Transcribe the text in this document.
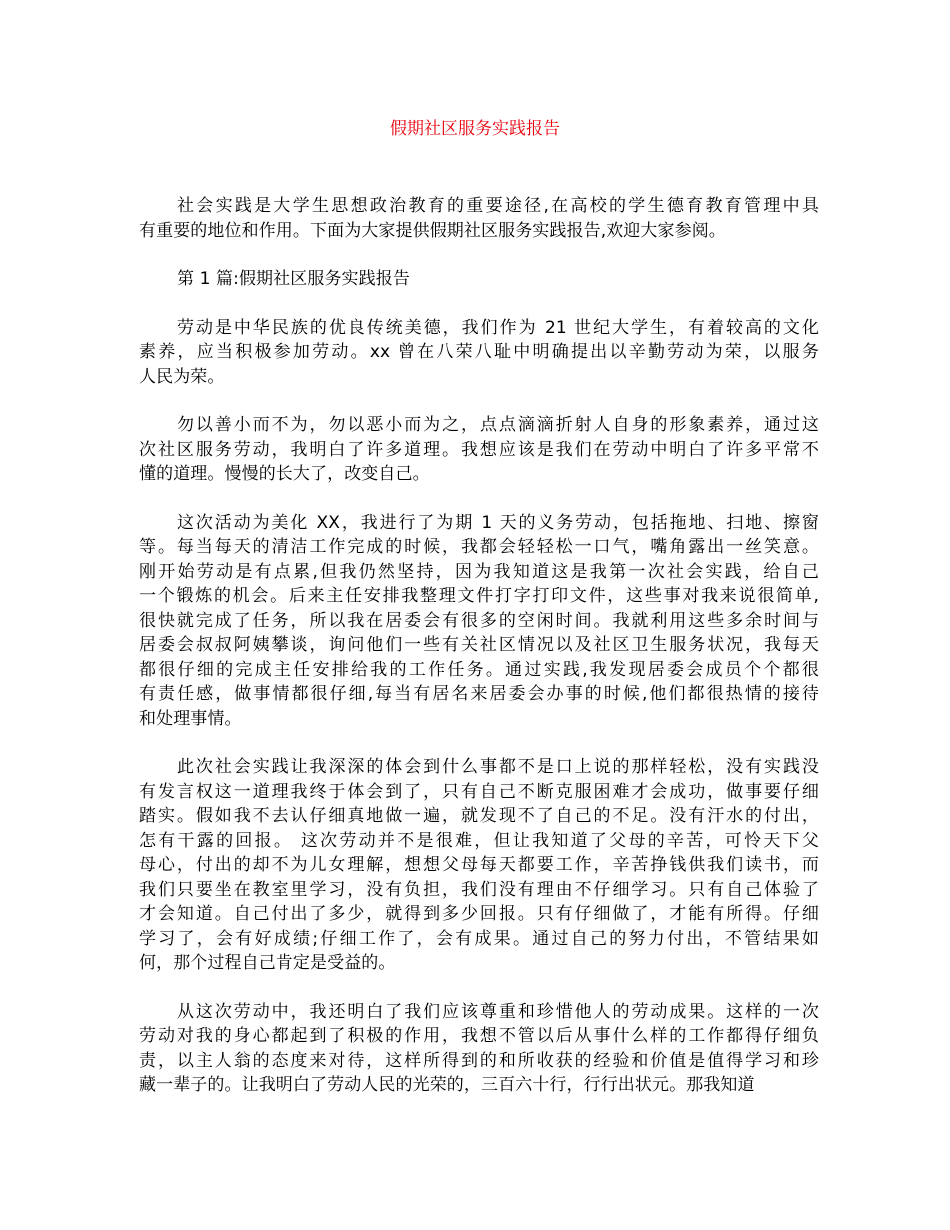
假期社区服务实践报告
社会实践是大学生思想政治教育的重要途径,在高校的学生德育教育管理中具
有重要的地位和作用。下面为大家提供假期社区服务实践报告,欢迎大家参阅。
第 1 篇:假期社区服务实践报告
劳动是中华民族的优良传统美德，我们作为 21 世纪大学生，有着较高的文化
素养，应当积极参加劳动。xx 曾在八荣八耻中明确提出以辛勤劳动为荣，以服务
人民为荣。
勿以善小而不为，勿以恶小而为之，点点滴滴折射人自身的形象素养，通过这
次社区服务劳动，我明白了许多道理。我想应该是我们在劳动中明白了许多平常不
懂的道理。慢慢的长大了，改变自己。
这次活动为美化 XX，我进行了为期 1 天的义务劳动，包括拖地、扫地、擦窗
等。每当每天的清洁工作完成的时候，我都会轻轻松一口气，嘴角露出一丝笑意。
刚开始劳动是有点累,但我仍然坚持，因为我知道这是我第一次社会实践，给自己
一个锻炼的机会。后来主任安排我整理文件打字打印文件，这些事对我来说很简单,
很快就完成了任务，所以我在居委会有很多的空闲时间。我就利用这些多余时间与
居委会叔叔阿姨攀谈，询问他们一些有关社区情况以及社区卫生服务状况，我每天
都很仔细的完成主任安排给我的工作任务。通过实践,我发现居委会成员个个都很
有责任感，做事情都很仔细,每当有居名来居委会办事的时候,他们都很热情的接待
和处理事情。
此次社会实践让我深深的体会到什么事都不是口上说的那样轻松，没有实践没
有发言权这一道理我终于体会到了，只有自己不断克服困难才会成功，做事要仔细
踏实。假如我不去认仔细真地做一遍，就发现不了自己的不足。没有汗水的付出，
怎有干露的回报。 这次劳动并不是很难，但让我知道了父母的辛苦，可怜天下父
母心，付出的却不为儿女理解，想想父母每天都要工作，辛苦挣钱供我们读书，而
我们只要坐在教室里学习，没有负担，我们没有理由不仔细学习。只有自己体验了
才会知道。自己付出了多少，就得到多少回报。只有仔细做了，才能有所得。仔细
学习了，会有好成绩;仔细工作了，会有成果。通过自己的努力付出，不管结果如
何，那个过程自己肯定是受益的。
从这次劳动中，我还明白了我们应该尊重和珍惜他人的劳动成果。这样的一次
劳动对我的身心都起到了积极的作用，我想不管以后从事什么样的工作都得仔细负
责，以主人翁的态度来对待，这样所得到的和所收获的经验和价值是值得学习和珍
藏一辈子的。让我明白了劳动人民的光荣的，三百六十行，行行出状元。那我知道
